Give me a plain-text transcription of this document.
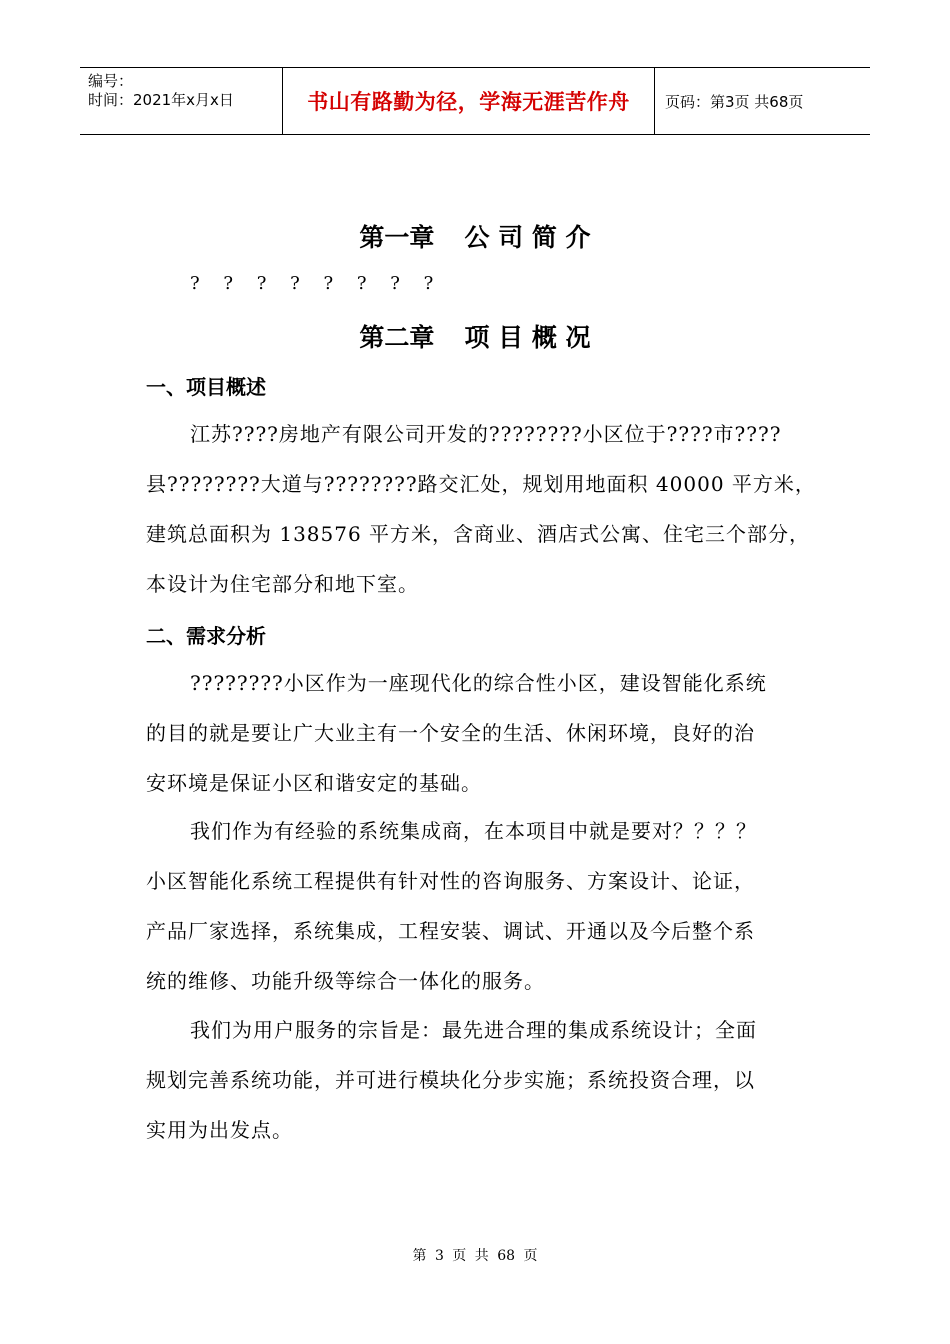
编号：
时间：2021年x月x日	书山有路勤为径，学海无涯苦作舟	页码：第3页 共68页
第一章 公 司 简 介
? ? ? ? ? ? ? ?
第二章 项 目 概 况
一、项目概述
江苏????房地产有限公司开发的????????小区位于????市????
县????????大道与????????路交汇处，规划用地面积 40000 平方米，
建筑总面积为 138576 平方米，含商业、酒店式公寓、住宅三个部分，
本设计为住宅部分和地下室。
二、需求分析
????????小区作为一座现代化的综合性小区，建设智能化系统
的目的就是要让广大业主有一个安全的生活、休闲环境，良好的治
安环境是保证小区和谐安定的基础。
我们作为有经验的系统集成商，在本项目中就是要对？？？？
小区智能化系统工程提供有针对性的咨询服务、方案设计、论证，
产品厂家选择，系统集成，工程安装、调试、开通以及今后整个系
统的维修、功能升级等综合一体化的服务。
我们为用户服务的宗旨是：最先进合理的集成系统设计；全面
规划完善系统功能，并可进行模块化分步实施；系统投资合理，以
实用为出发点。
第 3 页 共 68 页
